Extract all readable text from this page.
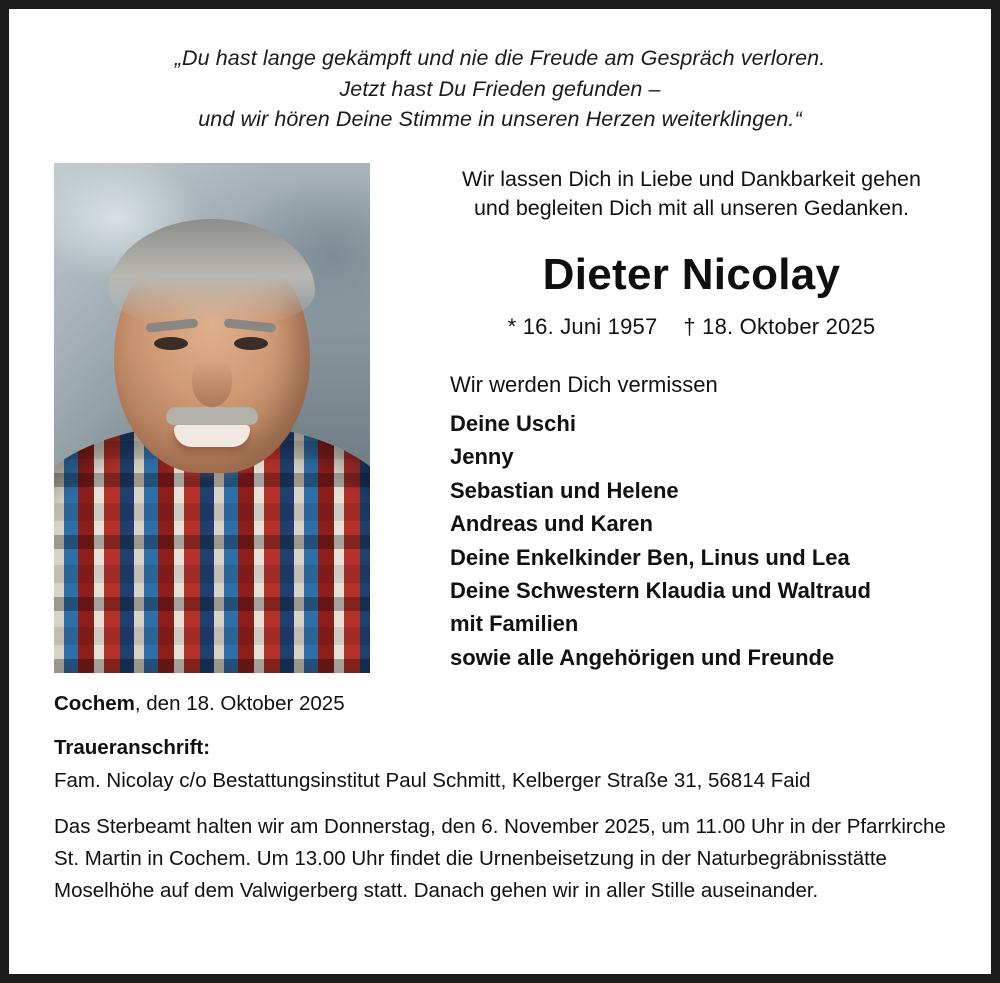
„Du hast lange gekämpft und nie die Freude am Gespräch verloren.
Jetzt hast Du Frieden gefunden –
und wir hören Deine Stimme in unseren Herzen weiterklingen.“
Wir lassen Dich in Liebe und Dankbarkeit gehen
und begleiten Dich mit all unseren Gedanken.
Dieter Nicolay
* 16. Juni 1957 † 18. Oktober 2025
Wir werden Dich vermissen
Deine Uschi
Jenny
Sebastian und Helene
Andreas und Karen
Deine Enkelkinder Ben, Linus und Lea
Deine Schwestern Klaudia und Waltraud
mit Familien
sowie alle Angehörigen und Freunde
Cochem, den 18. Oktober 2025
Traueranschrift:
Fam. Nicolay c/o Bestattungsinstitut Paul Schmitt, Kelberger Straße 31, 56814 Faid
Das Sterbeamt halten wir am Donnerstag, den 6. November 2025, um 11.00 Uhr in der Pfarrkirche St. Martin in Cochem. Um 13.00 Uhr findet die Urnenbeisetzung in der Naturbegräbnisstätte Moselhöhe auf dem Valwigerberg statt. Danach gehen wir in aller Stille auseinander.
